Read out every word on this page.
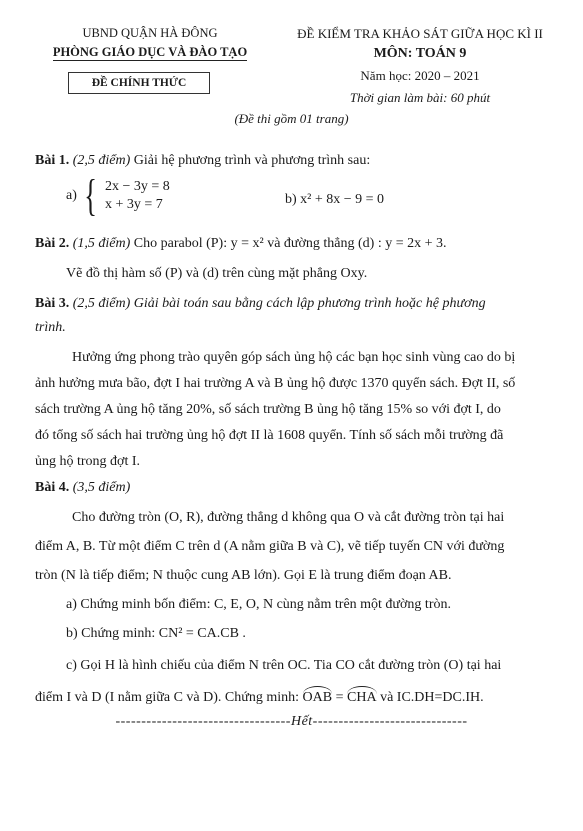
UBND QUẬN HÀ ĐÔNG
PHÒNG GIÁO DỤC VÀ ĐÀO TẠO
ĐỀ CHÍNH THỨC
ĐỀ KIỂM TRA KHẢO SÁT GIỮA HỌC KÌ II
MÔN: TOÁN 9
Năm học: 2020 – 2021
Thời gian làm bài: 60 phút
(Đề thi gồm 01 trang)
Bài 1. (2,5 điểm) Giải hệ phương trình và phương trình sau:
a) { 2x − 3y = 8
x + 3y = 7	b) x² + 8x − 9 = 0
Bài 2. (1,5 điểm) Cho parabol (P): y = x² và đường thẳng (d) : y = 2x + 3.
Vẽ đồ thị hàm số (P) và (d) trên cùng mặt phẳng Oxy.
Bài 3. (2,5 điểm) Giải bài toán sau bằng cách lập phương trình hoặc hệ phương
trình.
Hưởng ứng phong trào quyên góp sách ủng hộ các bạn học sinh vùng cao do bị
ảnh hưởng mưa bão, đợt I hai trường A và B ủng hộ được 1370 quyển sách. Đợt II, số
sách trường A ủng hộ tăng 20%, số sách trường B ủng hộ tăng 15% so với đợt I, do
đó tổng số sách hai trường ủng hộ đợt II là 1608 quyển. Tính số sách mỗi trường đã
ủng hộ trong đợt I.
Bài 4. (3,5 điểm)
Cho đường tròn (O, R), đường thẳng d không qua O và cắt đường tròn tại hai
điểm A, B. Từ một điểm C trên d (A nằm giữa B và C), vẽ tiếp tuyến CN với đường
tròn (N là tiếp điểm; N thuộc cung AB lớn). Gọi E là trung điểm đoạn AB.
a) Chứng minh bốn điểm: C, E, O, N cùng nằm trên một đường tròn.
b) Chứng minh: CN² = CA.CB .
c) Gọi H là hình chiếu của điểm N trên OC. Tia CO cắt đường tròn (O) tại hai
điểm I và D (I nằm giữa C và D). Chứng minh: OAB = CHA và IC.DH=DC.IH.
----------------------------------Hết------------------------------
